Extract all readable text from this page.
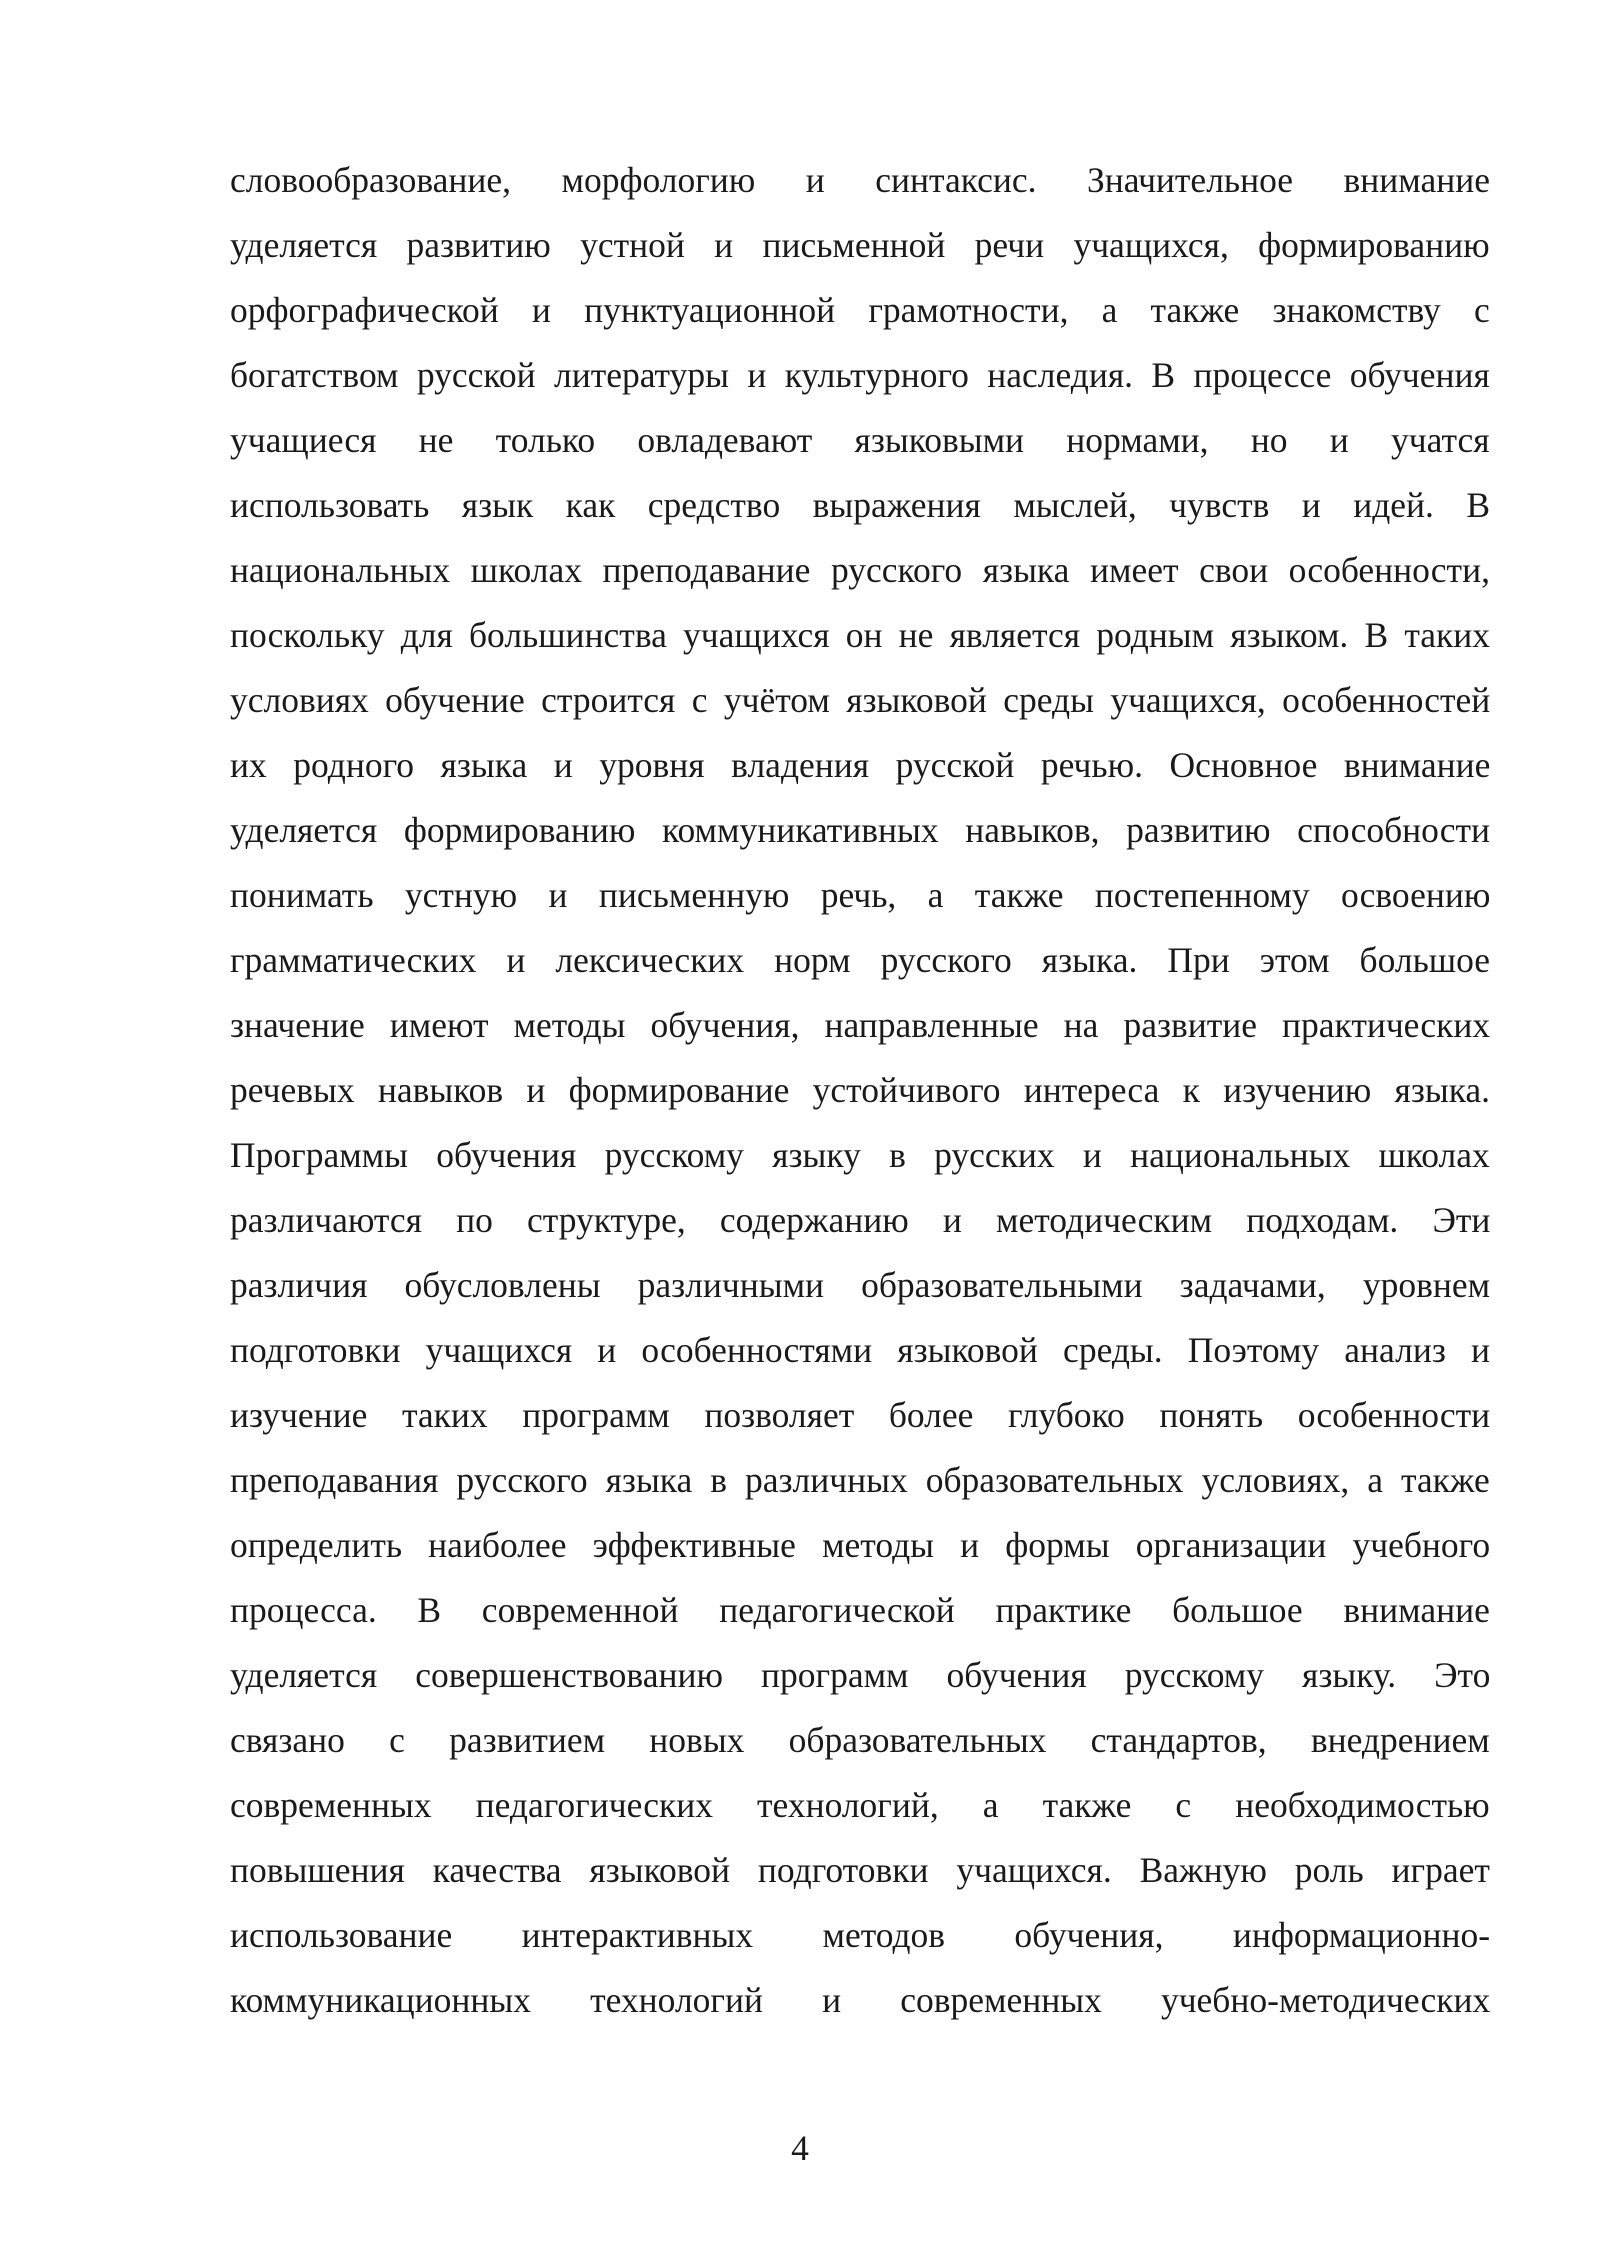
словообразование, морфологию и синтаксис. Значительное внимание
уделяется развитию устной и письменной речи учащихся, формированию
орфографической и пунктуационной грамотности, а также знакомству с
богатством русской литературы и культурного наследия. В процессе обучения
учащиеся не только овладевают языковыми нормами, но и учатся
использовать язык как средство выражения мыслей, чувств и идей. В
национальных школах преподавание русского языка имеет свои особенности,
поскольку для большинства учащихся он не является родным языком. В таких
условиях обучение строится с учётом языковой среды учащихся, особенностей
их родного языка и уровня владения русской речью. Основное внимание
уделяется формированию коммуникативных навыков, развитию способности
понимать устную и письменную речь, а также постепенному освоению
грамматических и лексических норм русского языка. При этом большое
значение имеют методы обучения, направленные на развитие практических
речевых навыков и формирование устойчивого интереса к изучению языка.
Программы обучения русскому языку в русских и национальных школах
различаются по структуре, содержанию и методическим подходам. Эти
различия обусловлены различными образовательными задачами, уровнем
подготовки учащихся и особенностями языковой среды. Поэтому анализ и
изучение таких программ позволяет более глубоко понять особенности
преподавания русского языка в различных образовательных условиях, а также
определить наиболее эффективные методы и формы организации учебного
процесса. В современной педагогической практике большое внимание
уделяется совершенствованию программ обучения русскому языку. Это
связано с развитием новых образовательных стандартов, внедрением
современных педагогических технологий, а также с необходимостью
повышения качества языковой подготовки учащихся. Важную роль играет
использование интерактивных методов обучения, информационно-
коммуникационных технологий и современных учебно-методических
4
